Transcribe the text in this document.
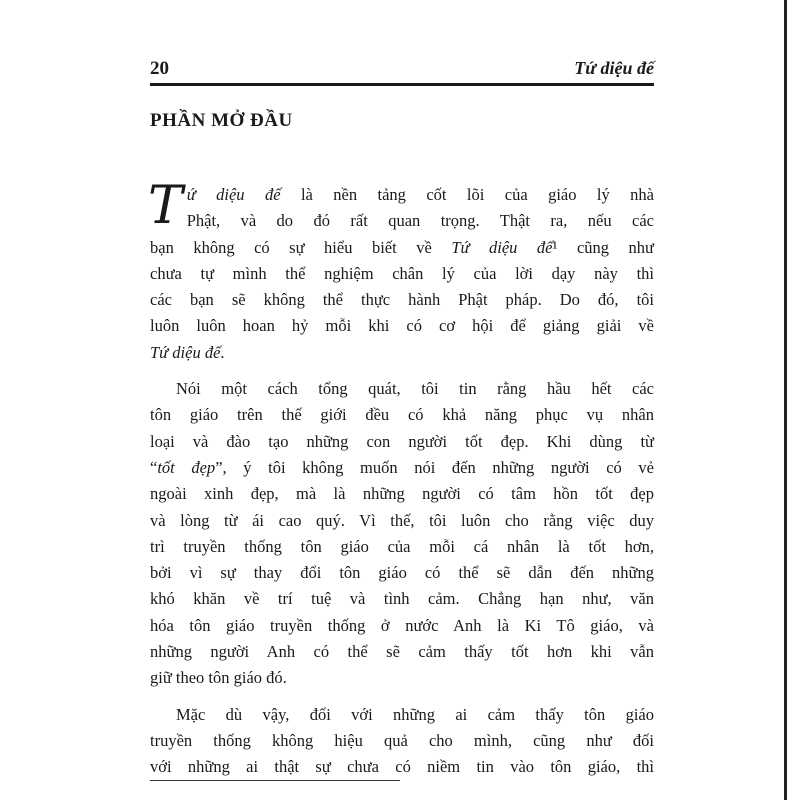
20	Tứ diệu đế
PHẦN MỞ ĐẦU
T ứ diệu đế là nền tảng cốt lõi của giáo lý nhà
Phật, và do đó rất quan trọng. Thật ra, nếu các
bạn không có sự hiểu biết về Tứ diệu đế¹ cũng như
chưa tự mình thể nghiệm chân lý của lời dạy này thì
các bạn sẽ không thể thực hành Phật pháp. Do đó, tôi
luôn luôn hoan hỷ mỗi khi có cơ hội để giảng giải về
Tứ diệu đế.
Nói một cách tổng quát, tôi tin rằng hầu hết các
tôn giáo trên thế giới đều có khả năng phục vụ nhân
loại và đào tạo những con người tốt đẹp. Khi dùng từ
“tốt đẹp”, ý tôi không muốn nói đến những người có vẻ
ngoài xinh đẹp, mà là những người có tâm hồn tốt đẹp
và lòng từ ái cao quý. Vì thế, tôi luôn cho rằng việc duy
trì truyền thống tôn giáo của mỗi cá nhân là tốt hơn,
bởi vì sự thay đổi tôn giáo có thể sẽ dẫn đến những
khó khăn về trí tuệ và tình cảm. Chẳng hạn như, văn
hóa tôn giáo truyền thống ở nước Anh là Ki Tô giáo, và
những người Anh có thể sẽ cảm thấy tốt hơn khi vẫn
giữ theo tôn giáo đó.
Mặc dù vậy, đối với những ai cảm thấy tôn giáo
truyền thống không hiệu quả cho mình, cũng như đối
với những ai thật sự chưa có niềm tin vào tôn giáo, thì
